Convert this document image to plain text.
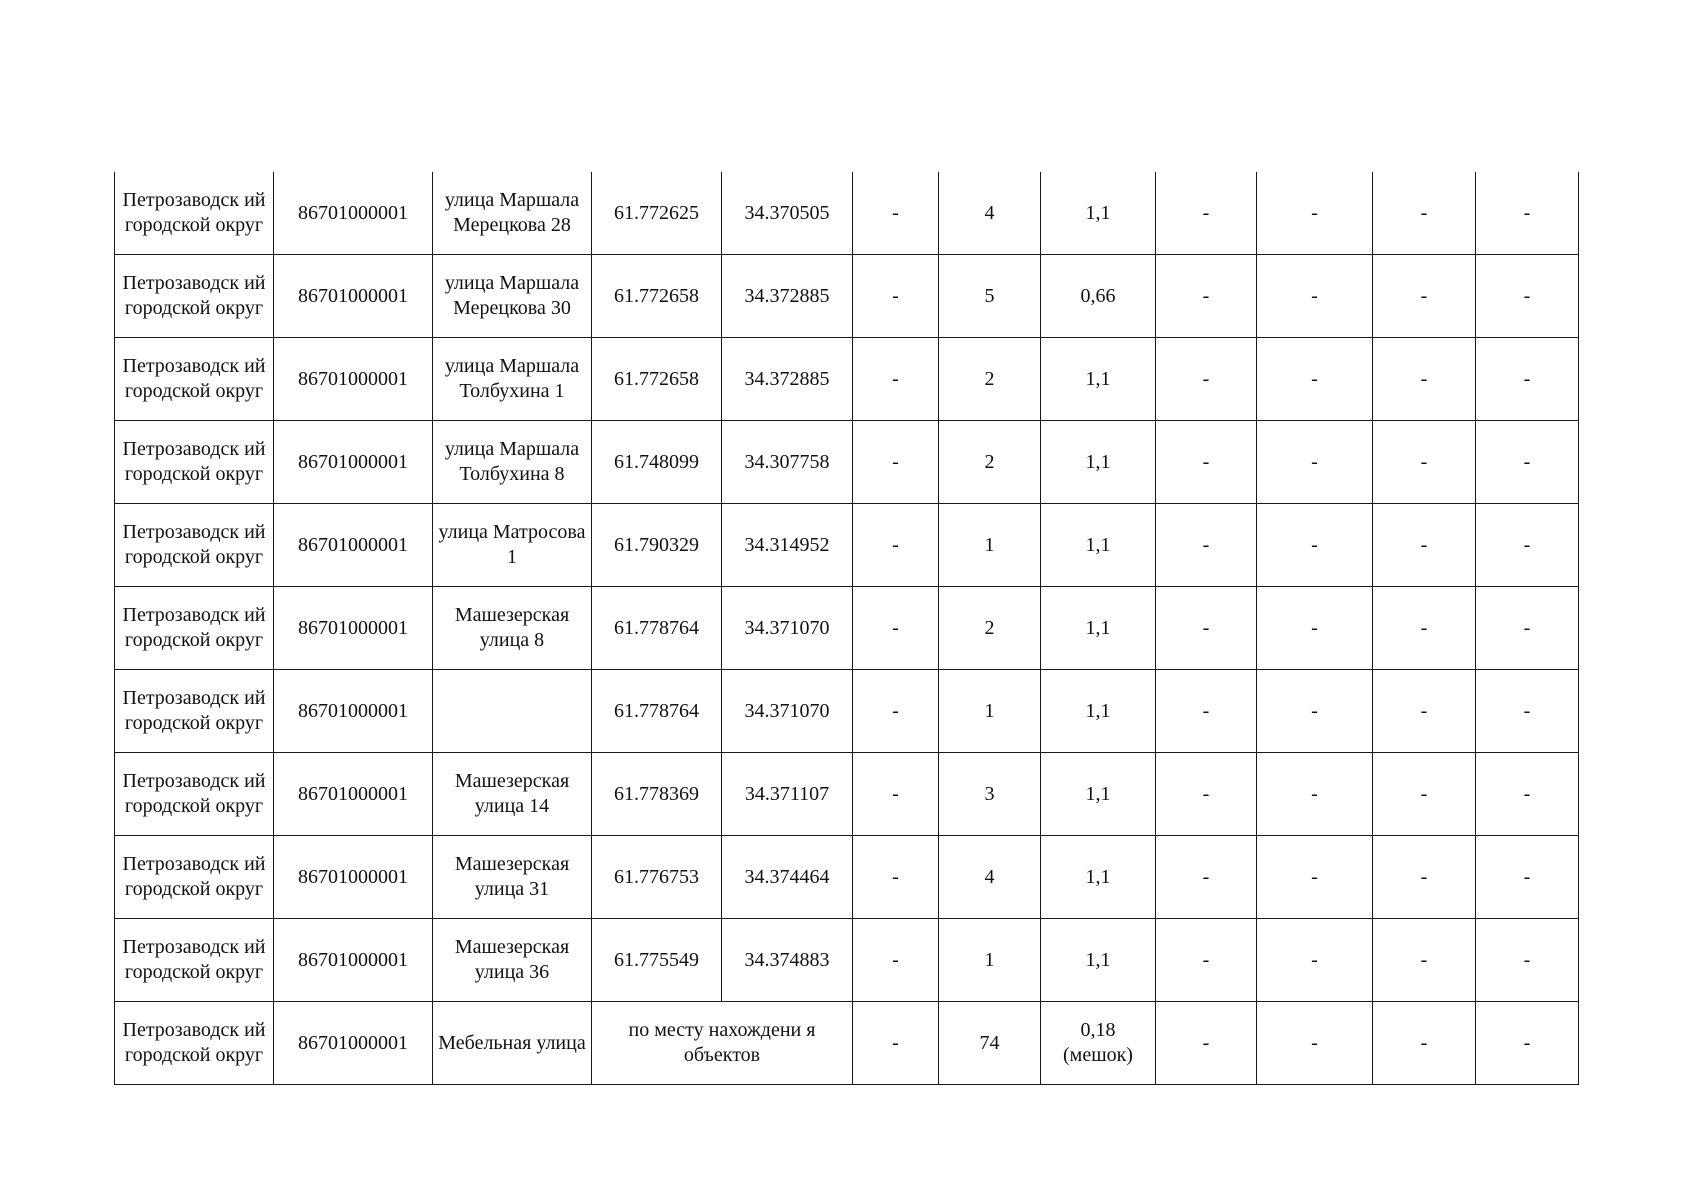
Петрозаводск ий городской округ	86701000001	улица Маршала Мерецкова 28	61.772625	34.370505	-	4	1,1	-	-	-	-
Петрозаводск ий городской округ	86701000001	улица Маршала Мерецкова 30	61.772658	34.372885	-	5	0,66	-	-	-	-
Петрозаводск ий городской округ	86701000001	улица Маршала Толбухина 1	61.772658	34.372885	-	2	1,1	-	-	-	-
Петрозаводск ий городской округ	86701000001	улица Маршала Толбухина 8	61.748099	34.307758	-	2	1,1	-	-	-	-
Петрозаводск ий городской округ	86701000001	улица Матросова 1	61.790329	34.314952	-	1	1,1	-	-	-	-
Петрозаводск ий городской округ	86701000001	Машезерская улица 8	61.778764	34.371070	-	2	1,1	-	-	-	-
Петрозаводск ий городской округ	86701000001		61.778764	34.371070	-	1	1,1	-	-	-	-
Петрозаводск ий городской округ	86701000001	Машезерская улица 14	61.778369	34.371107	-	3	1,1	-	-	-	-
Петрозаводск ий городской округ	86701000001	Машезерская улица 31	61.776753	34.374464	-	4	1,1	-	-	-	-
Петрозаводск ий городской округ	86701000001	Машезерская улица 36	61.775549	34.374883	-	1	1,1	-	-	-	-
Петрозаводск ий городской округ	86701000001	Мебельная улица	по месту нахождени я объектов		-	74	0,18 (мешок)	-	-	-	-
